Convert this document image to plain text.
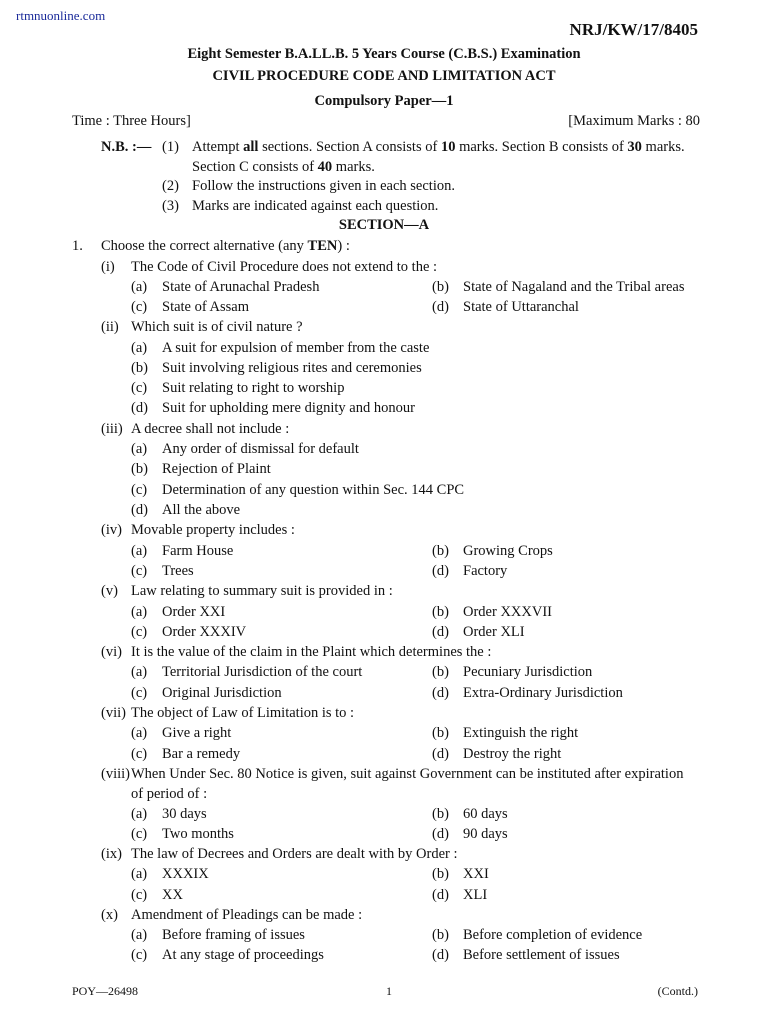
rtmnuonline.com
NRJ/KW/17/8405
Eight Semester B.A.LL.B. 5 Years Course (C.B.S.) Examination
CIVIL PROCEDURE CODE AND LIMITATION ACT
Compulsory Paper—1
Time : Three Hours]	[Maximum Marks : 80
N.B. :— (1) Attempt all sections. Section A consists of 10 marks. Section B consists of 30 marks.
Section C consists of 40 marks.
(2) Follow the instructions given in each section.
(3) Marks are indicated against each question.
SECTION—A
1. Choose the correct alternative (any TEN) :
(i) The Code of Civil Procedure does not extend to the :
(a) State of Arunachal Pradesh	(b) State of Nagaland and the Tribal areas
(c) State of Assam	(d) State of Uttaranchal
(ii) Which suit is of civil nature ?
(a) A suit for expulsion of member from the caste
(b) Suit involving religious rites and ceremonies
(c) Suit relating to right to worship
(d) Suit for upholding mere dignity and honour
(iii) A decree shall not include :
(a) Any order of dismissal for default
(b) Rejection of Plaint
(c) Determination of any question within Sec. 144 CPC
(d) All the above
(iv) Movable property includes :
(a) Farm House	(b) Growing Crops
(c) Trees	(d) Factory
(v) Law relating to summary suit is provided in :
(a) Order XXI	(b) Order XXXVII
(c) Order XXXIV	(d) Order XLI
(vi) It is the value of the claim in the Plaint which determines the :
(a) Territorial Jurisdiction of the court	(b) Pecuniary Jurisdiction
(c) Original Jurisdiction	(d) Extra-Ordinary Jurisdiction
(vii) The object of Law of Limitation is to :
(a) Give a right	(b) Extinguish the right
(c) Bar a remedy	(d) Destroy the right
(viii) When Under Sec. 80 Notice is given, suit against Government can be instituted after expiration
of period of :
(a) 30 days	(b) 60 days
(c) Two months	(d) 90 days
(ix) The law of Decrees and Orders are dealt with by Order :
(a) XXXIX	(b) XXI
(c) XX	(d) XLI
(x) Amendment of Pleadings can be made :
(a) Before framing of issues	(b) Before completion of evidence
(c) At any stage of proceedings	(d) Before settlement of issues
POY—26498	1	(Contd.)
